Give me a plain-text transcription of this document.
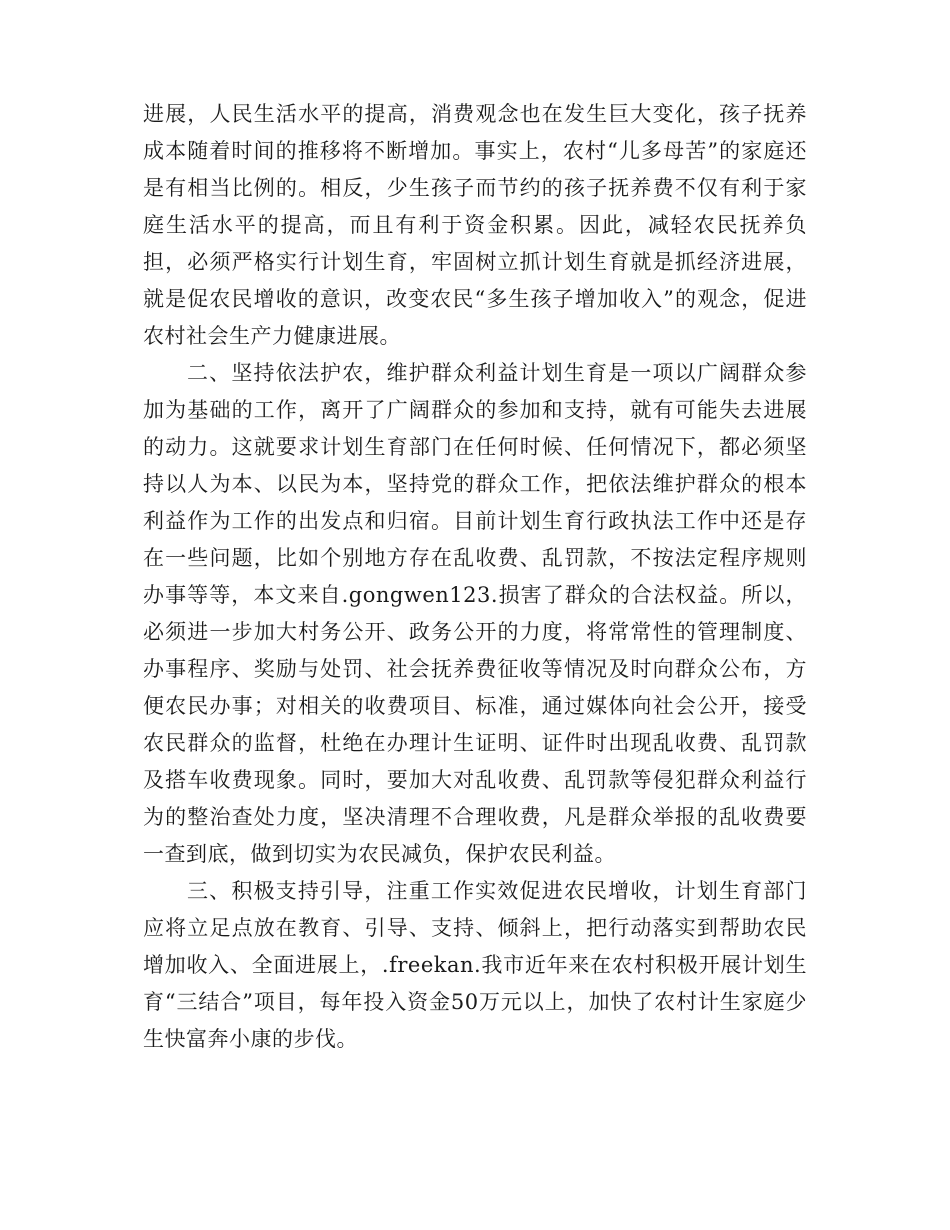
进展，人民生活水平的提高，消费观念也在发生巨大变化，孩子抚养成本随着时间的推移将不断增加。事实上，农村“儿多母苦”的家庭还是有相当比例的。相反，少生孩子而节约的孩子抚养费不仅有利于家庭生活水平的提高，而且有利于资金积累。因此，减轻农民抚养负担，必须严格实行计划生育，牢固树立抓计划生育就是抓经济进展，就是促农民增收的意识，改变农民“多生孩子增加收入”的观念，促进农村社会生产力健康进展。

二、坚持依法护农，维护群众利益计划生育是一项以广阔群众参加为基础的工作，离开了广阔群众的参加和支持，就有可能失去进展的动力。这就要求计划生育部门在任何时候、任何情况下，都必须坚持以人为本、以民为本，坚持党的群众工作，把依法维护群众的根本利益作为工作的出发点和归宿。目前计划生育行政执法工作中还是存在一些问题，比如个别地方存在乱收费、乱罚款，不按法定程序规则办事等等，本文来自.gongwen123.损害了群众的合法权益。所以，必须进一步加大村务公开、政务公开的力度，将常常性的管理制度、办事程序、奖励与处罚、社会抚养费征收等情况及时向群众公布，方便农民办事；对相关的收费项目、标准，通过媒体向社会公开，接受农民群众的监督，杜绝在办理计生证明、证件时出现乱收费、乱罚款及搭车收费现象。同时，要加大对乱收费、乱罚款等侵犯群众利益行为的整治查处力度，坚决清理不合理收费，凡是群众举报的乱收费要一查到底，做到切实为农民减负，保护农民利益。

三、积极支持引导，注重工作实效促进农民增收，计划生育部门应将立足点放在教育、引导、支持、倾斜上，把行动落实到帮助农民增加收入、全面进展上，.freekan.我市近年来在农村积极开展计划生育“三结合”项目，每年投入资金50万元以上，加快了农村计生家庭少生快富奔小康的步伐。
